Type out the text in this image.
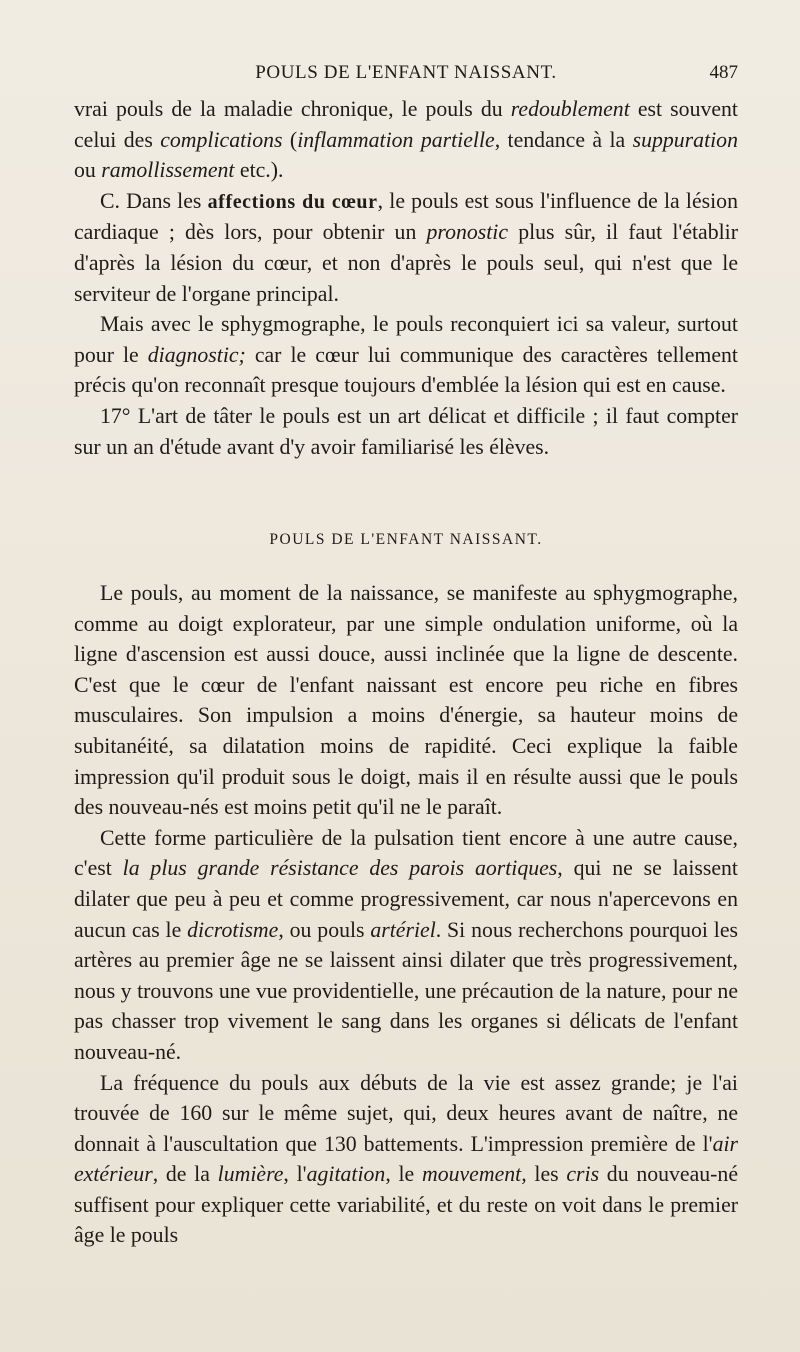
POULS DE L'ENFANT NAISSANT.	487

vrai pouls de la maladie chronique, le pouls du redoublement est souvent celui des complications (inflammation partielle, tendance à la suppuration ou ramollissement etc.).

C. Dans les affections du cœur, le pouls est sous l'influence de la lésion cardiaque ; dès lors, pour obtenir un pronostic plus sûr, il faut l'établir d'après la lésion du cœur, et non d'après le pouls seul, qui n'est que le serviteur de l'organe principal.

Mais avec le sphygmographe, le pouls reconquiert ici sa valeur, surtout pour le diagnostic; car le cœur lui communique des caractères tellement précis qu'on reconnaît presque toujours d'emblée la lésion qui est en cause.

17° L'art de tâter le pouls est un art délicat et difficile ; il faut compter sur un an d'étude avant d'y avoir familiarisé les élèves.

POULS DE L'ENFANT NAISSANT.

Le pouls, au moment de la naissance, se manifeste au sphygmographe, comme au doigt explorateur, par une simple ondulation uniforme, où la ligne d'ascension est aussi douce, aussi inclinée que la ligne de descente. C'est que le cœur de l'enfant naissant est encore peu riche en fibres musculaires. Son impulsion a moins d'énergie, sa hauteur moins de subitanéité, sa dilatation moins de rapidité. Ceci explique la faible impression qu'il produit sous le doigt, mais il en résulte aussi que le pouls des nouveau-nés est moins petit qu'il ne le paraît.

Cette forme particulière de la pulsation tient encore à une autre cause, c'est la plus grande résistance des parois aortiques, qui ne se laissent dilater que peu à peu et comme progressivement, car nous n'apercevons en aucun cas le dicrotisme, ou pouls artériel. Si nous recherchons pourquoi les artères au premier âge ne se laissent ainsi dilater que très progressivement, nous y trouvons une vue providentielle, une précaution de la nature, pour ne pas chasser trop vivement le sang dans les organes si délicats de l'enfant nouveau-né.

La fréquence du pouls aux débuts de la vie est assez grande; je l'ai trouvée de 160 sur le même sujet, qui, deux heures avant de naître, ne donnait à l'auscultation que 130 battements. L'impression première de l'air extérieur, de la lumière, l'agitation, le mouvement, les cris du nouveau-né suffisent pour expliquer cette variabilité, et du reste on voit dans le premier âge le pouls
